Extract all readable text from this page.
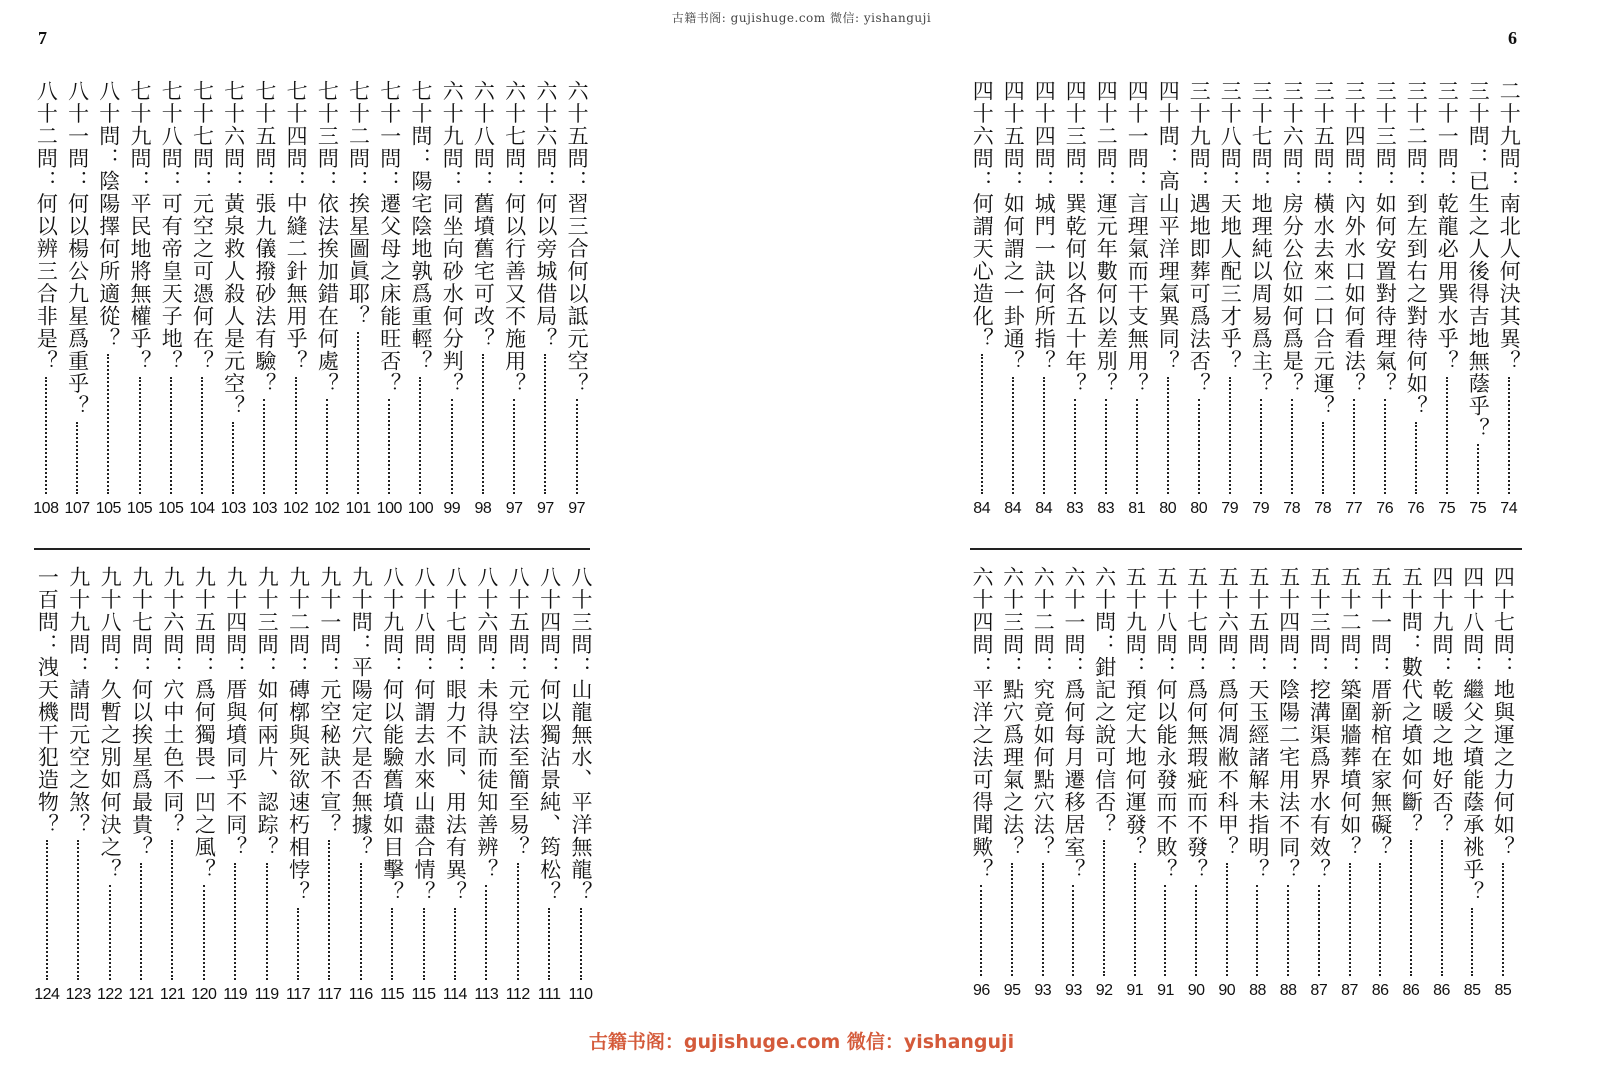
古籍书阁: gujishuge.com 微信: yishanguji
7	6
六十五問：習三合何以詆元空？
97
六十六問：何以旁城借局？
97
六十七問：何以行善又不施用？
97
六十八問：舊墳舊宅可改？
98
六十九問：同坐向砂水何分判？
99
七十問：陽宅陰地孰爲重輕？
100
七十一問：遷父母之床能旺否？
100
七十二問：挨星圖眞耶？
101
七十三問：依法挨加錯在何處？
102
七十四問：中縫二針無用乎？
102
七十五問：張九儀撥砂法有驗？
103
七十六問：黃泉救人殺人是元空？
103
七十七問：元空之可憑何在？
104
七十八問：可有帝皇天子地？
105
七十九問：平民地將無權乎？
105
八十問：陰陽擇何所適從？
105
八十一問：何以楊公九星爲重乎？
107
八十二問：何以辨三合非是？
108
八十三問：山龍無水、平洋無龍？
110
八十四問：何以獨沾景純、筠松？
111
八十五問：元空法至簡至易？
112
八十六問：未得訣而徒知善辨？
113
八十七問：眼力不同、用法有異？
114
八十八問：何謂去水來山盡合情？
115
八十九問：何以能驗舊墳如目擊？
115
九十問：平陽定穴是否無據？
116
九十一問：元空秘訣不宣？
117
九十二問：磚槨與死欲速朽相悖？
117
九十三問：如何兩片、認踪？
119
九十四問：厝與墳同乎不同？
119
九十五問：爲何獨畏一凹之風？
120
九十六問：穴中土色不同？
121
九十七問：何以挨星爲最貴？
121
九十八問：久暫之別如何決之？
122
九十九問：請問元空之煞？
123
一百問：洩天機干犯造物？
124
二十九問：南北人何決其異？
74
三十問：已生之人後得吉地無蔭乎？
75
三十一問：乾龍必用巽水乎？
75
三十二問：到左到右之對待何如？
76
三十三問：如何安置對待理氣？
76
三十四問：內外水口如何看法？
77
三十五問：橫水去來二口合元運？
78
三十六問：房分公位如何爲是？
78
三十七問：地理純以周易爲主？
79
三十八問：天地人配三才乎？
79
三十九問：遇地即葬可爲法否？
80
四十問：高山平洋理氣異同？
80
四十一問：言理氣而干支無用？
81
四十二問：運元年數何以差別？
83
四十三問：巽乾何以各五十年？
83
四十四問：城門一訣何所指？
84
四十五問：如何謂之一卦通？
84
四十六問：何謂天心造化？
84
四十七問：地與運之力何如？
85
四十八問：繼父之墳能蔭承祧乎？
85
四十九問：乾暖之地好否？
86
五十問：數代之墳如何斷？
86
五十一問：厝新棺在家無礙？
86
五十二問：築圍牆葬墳何如？
87
五十三問：挖溝渠爲界水有效？
87
五十四問：陰陽二宅用法不同？
88
五十五問：天玉經諸解未指明？
88
五十六問：爲何凋敝不科甲？
90
五十七問：爲何無瑕疵而不發？
90
五十八問：何以能永發而不敗？
91
五十九問：預定大地何運發？
91
六十問：鉗記之說可信否？
92
六十一問：爲何每月遷移居室？
93
六十二問：究竟如何點穴法？
93
六十三問：點穴爲理氣之法？
95
六十四問：平洋之法可得聞歟？
96
古籍书阁：gujishuge.com 微信：yishanguji
